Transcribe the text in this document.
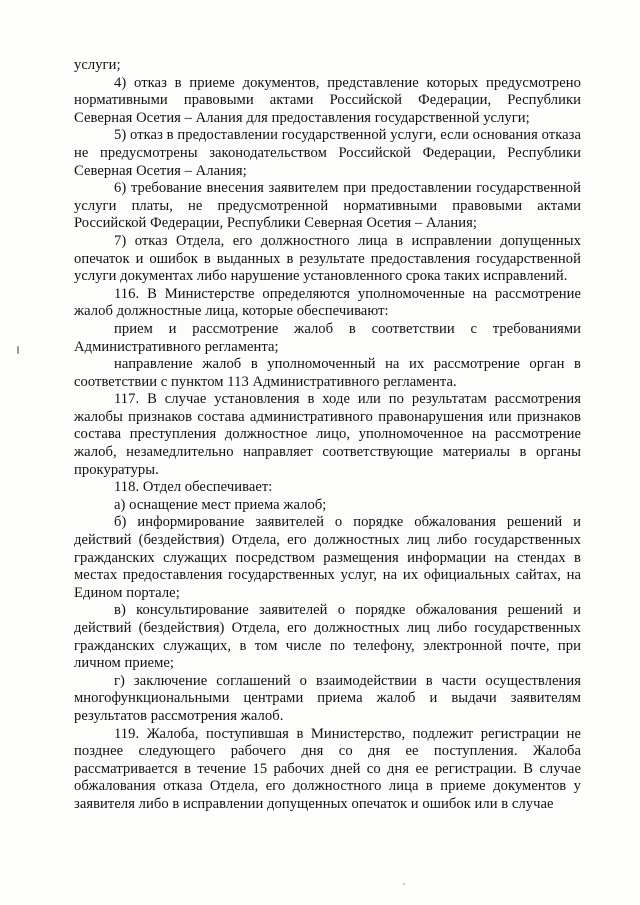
услуги;

4) отказ в приеме документов, представление которых предусмотрено нормативными правовыми актами Российской Федерации, Республики Северная Осетия – Алания для предоставления государственной услуги;

5) отказ в предоставлении государственной услуги, если основания отказа не предусмотрены законодательством Российской Федерации, Республики Северная Осетия – Алания;

6) требование внесения заявителем при предоставлении государственной услуги платы, не предусмотренной нормативными правовыми актами Российской Федерации, Республики Северная Осетия – Алания;

7) отказ Отдела, его должностного лица в исправлении допущенных опечаток и ошибок в выданных в результате предоставления государственной услуги документах либо нарушение установленного срока таких исправлений.

116. В Министерстве определяются уполномоченные на рассмотрение жалоб должностные лица, которые обеспечивают:

прием и рассмотрение жалоб в соответствии с требованиями Административного регламента;

направление жалоб в уполномоченный на их рассмотрение орган в соответствии с пунктом 113 Административного регламента.

117. В случае установления в ходе или по результатам рассмотрения жалобы признаков состава административного правонарушения или признаков состава преступления должностное лицо, уполномоченное на рассмотрение жалоб, незамедлительно направляет соответствующие материалы в органы прокуратуры.

118. Отдел обеспечивает:

а) оснащение мест приема жалоб;

б) информирование заявителей о порядке обжалования решений и действий (бездействия) Отдела, его должностных лиц либо государственных гражданских служащих посредством размещения информации на стендах в местах предоставления государственных услуг, на их официальных сайтах, на Едином портале;

в) консультирование заявителей о порядке обжалования решений и действий (бездействия) Отдела, его должностных лиц либо государственных гражданских служащих, в том числе по телефону, электронной почте, при личном приеме;

г) заключение соглашений о взаимодействии в части осуществления многофункциональными центрами приема жалоб и выдачи заявителям результатов рассмотрения жалоб.

119. Жалоба, поступившая в Министерство, подлежит регистрации не позднее следующего рабочего дня со дня ее поступления. Жалоба рассматривается в течение 15 рабочих дней со дня ее регистрации. В случае обжалования отказа Отдела, его должностного лица в приеме документов у заявителя либо в исправлении допущенных опечаток и ошибок или в случае
